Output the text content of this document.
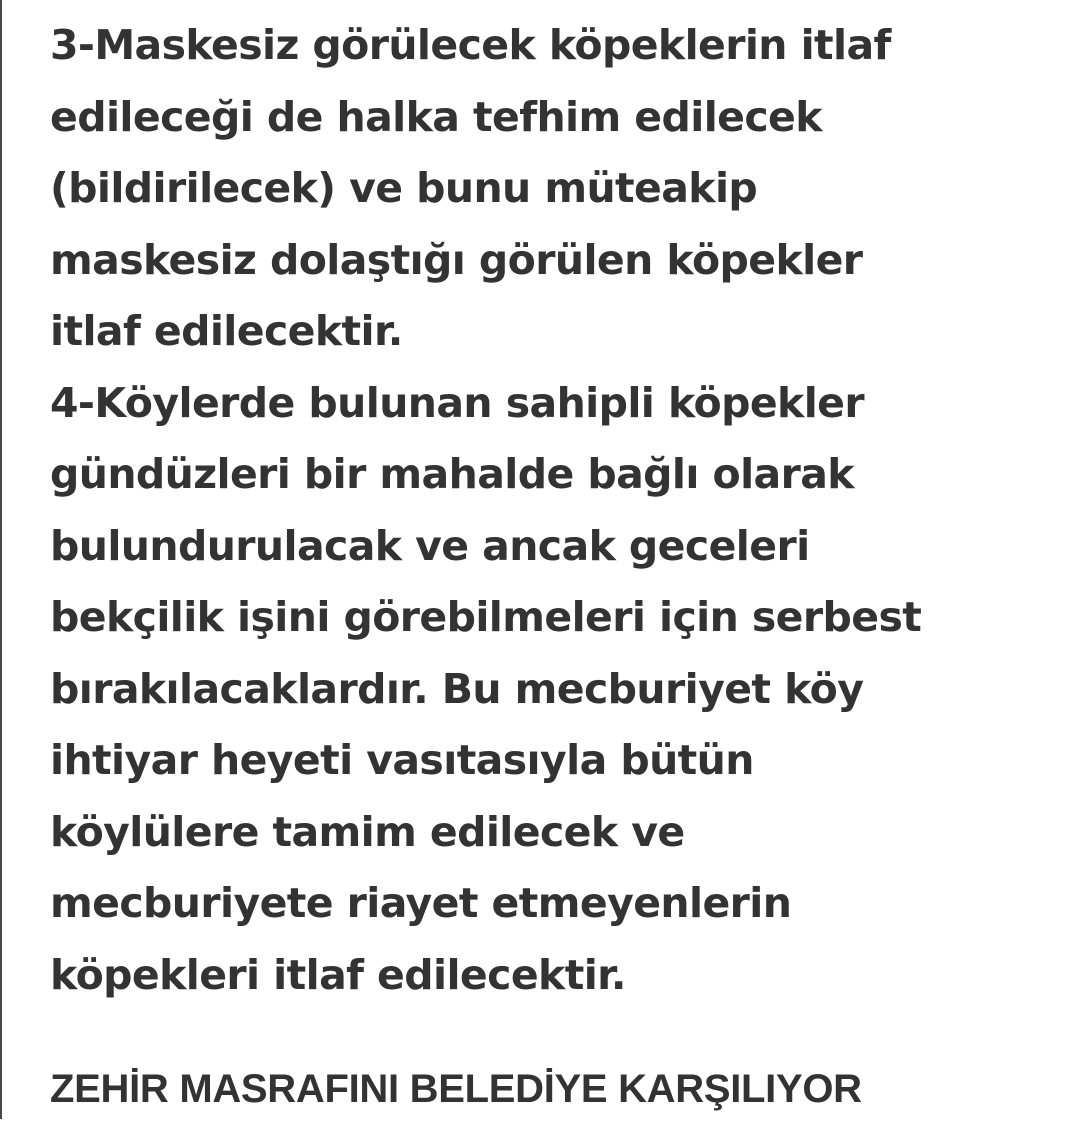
3-Maskesiz görülecek köpeklerin itlaf
edileceği de halka tefhim edilecek
(bildirilecek) ve bunu müteakip
maskesiz dolaştığı görülen köpekler
itlaf edilecektir.

4-Köylerde bulunan sahipli köpekler
gündüzleri bir mahalde bağlı olarak
bulundurulacak ve ancak geceleri
bekçilik işini görebilmeleri için serbest
bırakılacaklardır. Bu mecburiyet köy
ihtiyar heyeti vasıtasıyla bütün
köylülere tamim edilecek ve
mecburiyete riayet etmeyenlerin
köpekleri itlaf edilecektir.

ZEHİR MASRAFINI BELEDİYE KARŞILIYOR
